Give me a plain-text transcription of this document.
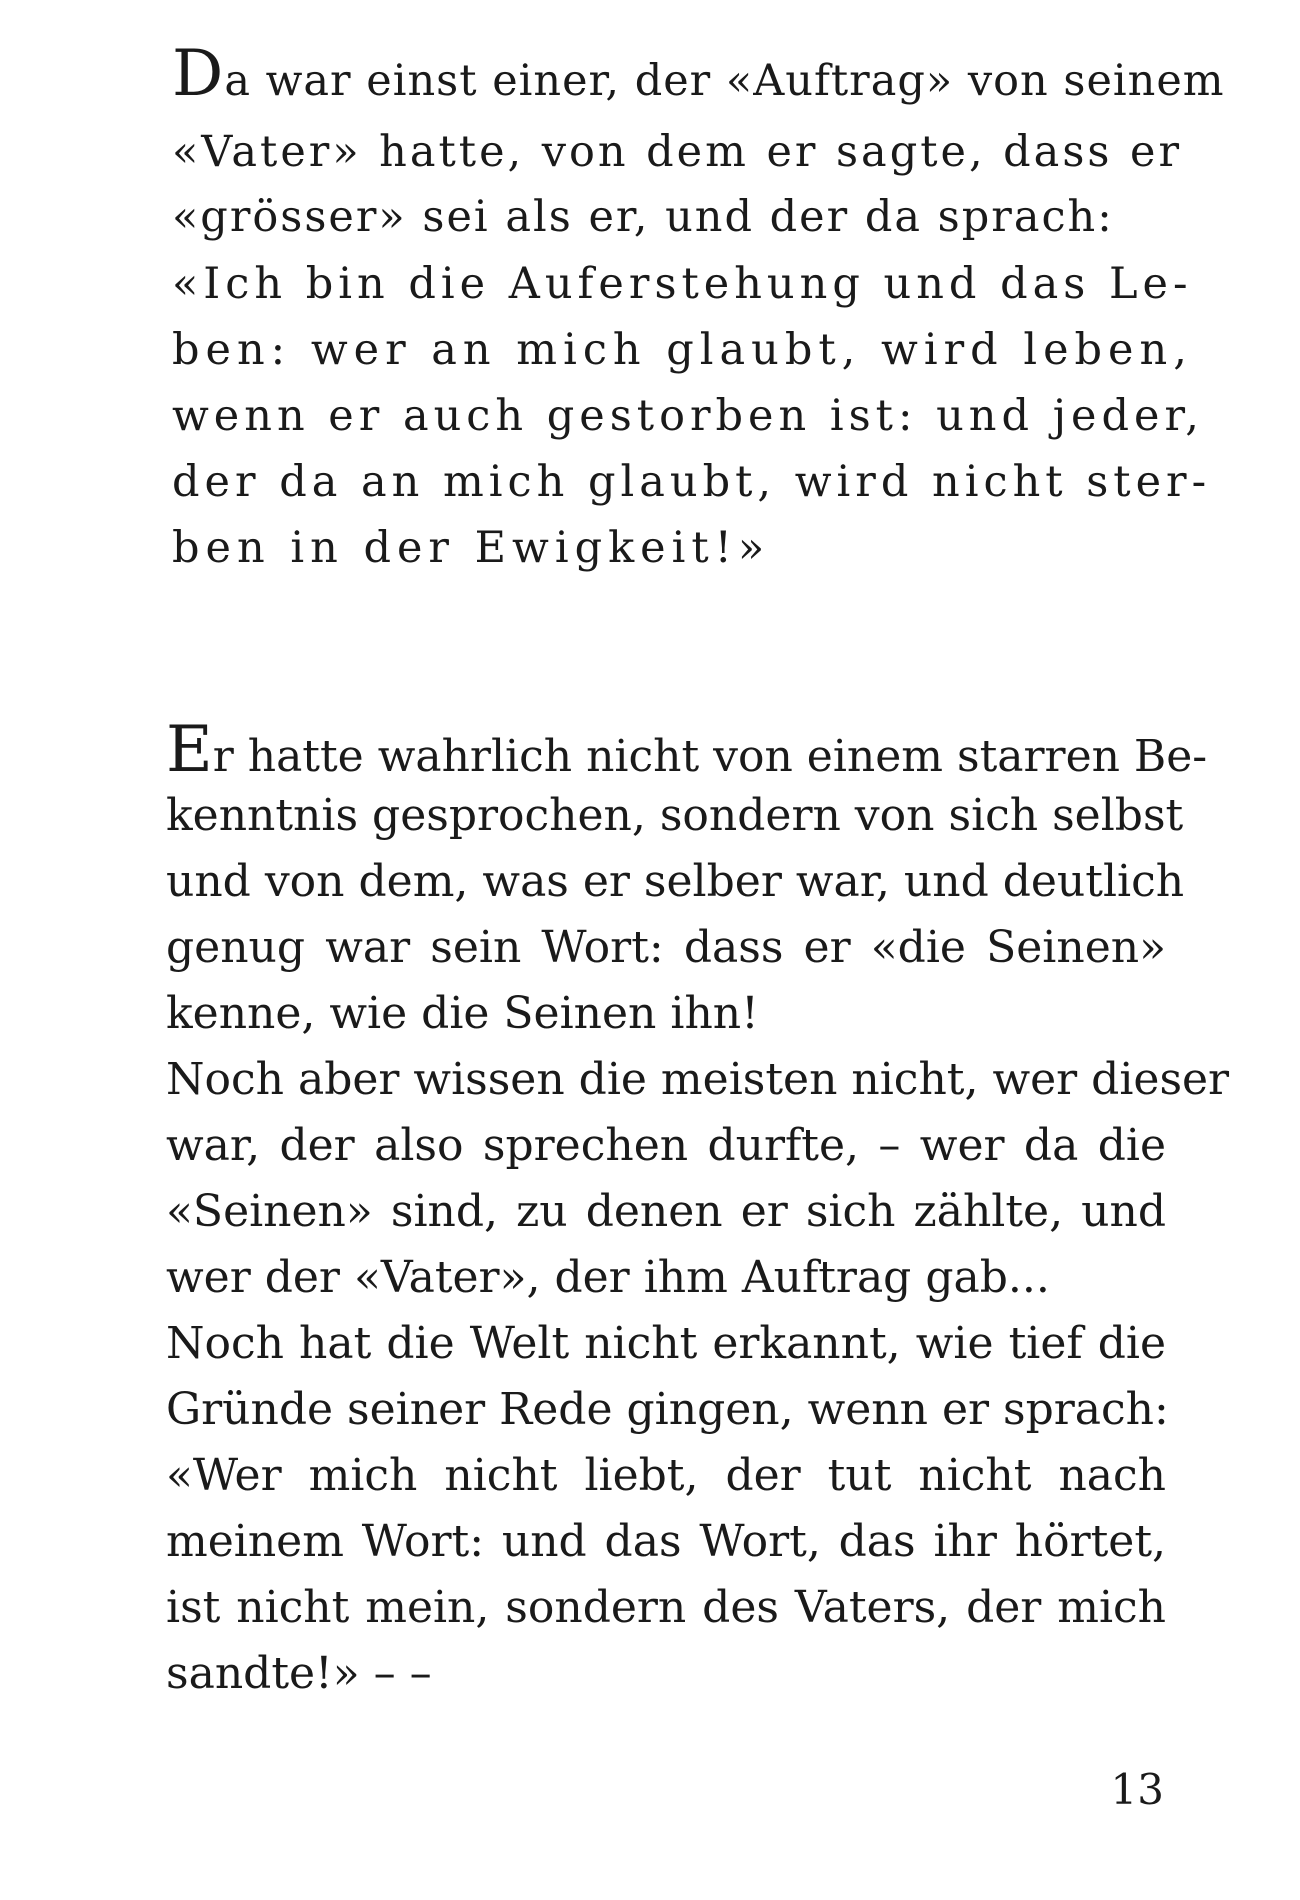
Da war einst einer, der «Auftrag» von seinem
«Vater» hatte, von dem er sagte, dass er
«grösser» sei als er, und der da sprach:
«Ich bin die Auferstehung und das Le-
ben: wer an mich glaubt, wird leben,
wenn er auch gestorben ist: und jeder,
der da an mich glaubt, wird nicht ster-
ben in der Ewigkeit!»
Er hatte wahrlich nicht von einem starren Be-
kenntnis gesprochen, sondern von sich selbst
und von dem, was er selber war, und deutlich
genug war sein Wort: dass er «die Seinen»
kenne, wie die Seinen ihn!
Noch aber wissen die meisten nicht, wer dieser
war, der also sprechen durfte, – wer da die
«Seinen» sind, zu denen er sich zählte, und
wer der «Vater», der ihm Auftrag gab...
Noch hat die Welt nicht erkannt, wie tief die
Gründe seiner Rede gingen, wenn er sprach:
«Wer mich nicht liebt, der tut nicht nach
meinem Wort: und das Wort, das ihr hörtet,
ist nicht mein, sondern des Vaters, der mich
sandte!» – –
13
